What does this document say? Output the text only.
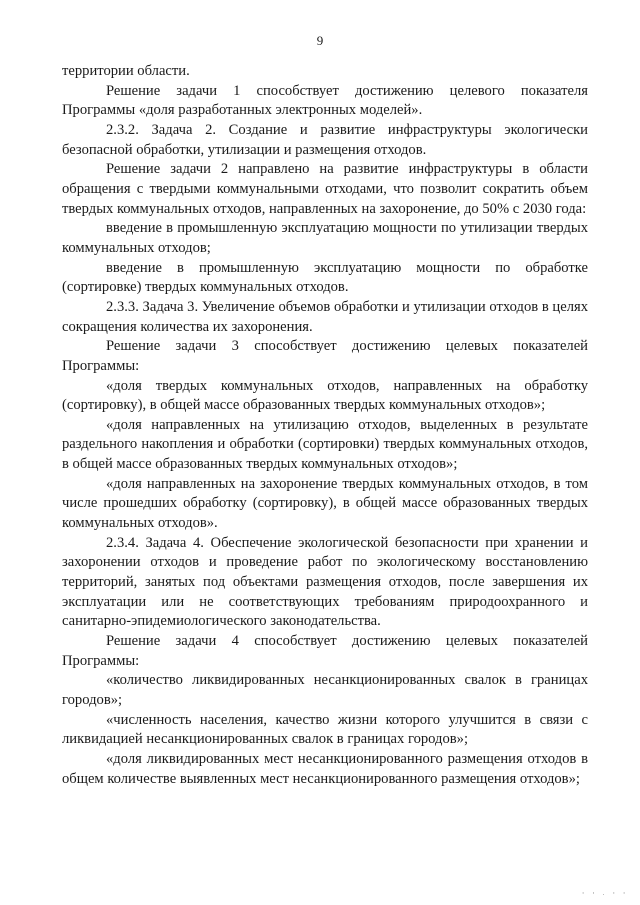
9

территории области.

Решение задачи 1 способствует достижению целевого показателя Программы «доля разработанных электронных моделей».

2.3.2. Задача 2. Создание и развитие инфраструктуры экологически безопасной обработки, утилизации и размещения отходов.

Решение задачи 2 направлено на развитие инфраструктуры в области обращения с твердыми коммунальными отходами, что позволит сократить объем твердых коммунальных отходов, направленных на захоронение, до 50% с 2030 года:

введение в промышленную эксплуатацию мощности по утилизации твердых коммунальных отходов;

введение в промышленную эксплуатацию мощности по обработке (сортировке) твердых коммунальных отходов.

2.3.3. Задача 3. Увеличение объемов обработки и утилизации отходов в целях сокращения количества их захоронения.

Решение задачи 3 способствует достижению целевых показателей Программы:

«доля твердых коммунальных отходов, направленных на обработку (сортировку), в общей массе образованных твердых коммунальных отходов»;

«доля направленных на утилизацию отходов, выделенных в результате раздельного накопления и обработки (сортировки) твердых коммунальных отходов, в общей массе образованных твердых коммунальных отходов»;

«доля направленных на захоронение твердых коммунальных отходов, в том числе прошедших обработку (сортировку), в общей массе образованных твердых коммунальных отходов».

2.3.4. Задача 4. Обеспечение экологической безопасности при хранении и захоронении отходов и проведение работ по экологическому восстановлению территорий, занятых под объектами размещения отходов, после завершения их эксплуатации или не соответствующих требованиям природоохранного и санитарно-эпидемиологического законодательства.

Решение задачи 4 способствует достижению целевых показателей Программы:

«количество ликвидированных несанкционированных свалок в границах городов»;

«численность населения, качество жизни которого улучшится в связи с ликвидацией несанкционированных свалок в границах городов»;

«доля ликвидированных мест несанкционированного размещения отходов в общем количестве выявленных мест несанкционированного размещения отходов»;

' ' · ' '
